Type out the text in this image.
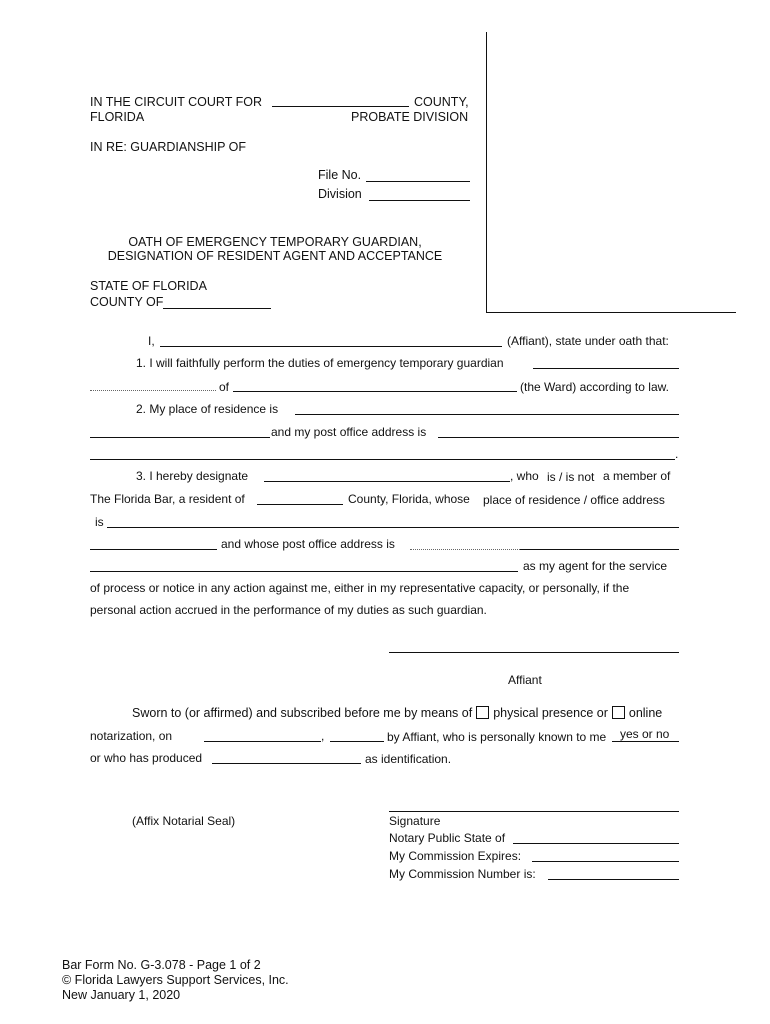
IN THE CIRCUIT COURT FOR	COUNTY,
FLORIDA	PROBATE DIVISION
IN RE: GUARDIANSHIP OF
File No.
Division
OATH OF EMERGENCY TEMPORARY GUARDIAN,
DESIGNATION OF RESIDENT AGENT AND ACCEPTANCE
STATE OF FLORIDA
COUNTY OF
I,	(Affiant), state under oath that:
1. I will faithfully perform the duties of emergency temporary guardian
of	(the Ward) according to law.
2. My place of residence is
and my post office address is
.
3. I hereby designate	, who is / is not a member of
The Florida Bar, a resident of	County, Florida, whose place of residence / office address
is
and whose post office address is
as my agent for the service
of process or notice in any action against me, either in my representative capacity, or personally, if the
personal action accrued in the performance of my duties as such guardian.
Affiant
Sworn to (or affirmed) and subscribed before me by means of physical presence or online
notarization, on	,	by Affiant, who is personally known to me yes or no
or who has produced	as identification.
(Affix Notarial Seal)	Signature
Notary Public State of
My Commission Expires:
My Commission Number is:
Bar Form No. G-3.078 - Page 1 of 2
© Florida Lawyers Support Services, Inc.
New January 1, 2020
